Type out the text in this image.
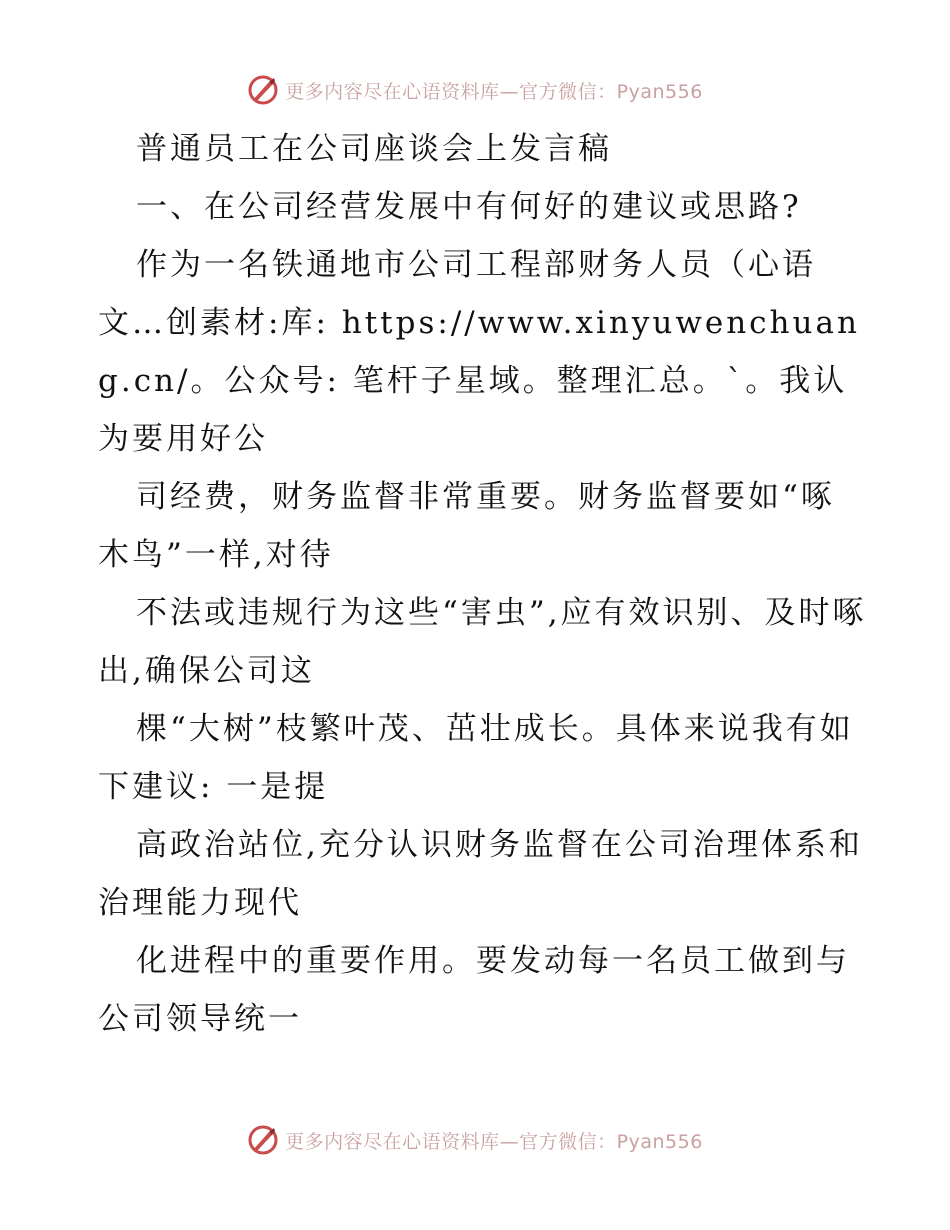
更多内容尽在心语资料库—官方微信：Pyan556

普通员工在公司座谈会上发言稿

一、在公司经营发展中有何好的建议或思路?

作为一名铁通地市公司工程部财务人员（心语文…创素材:库: https://www.xinyuwenchuang.cn/。公众号: 笔杆子星域。整理汇总。`。我认为要用好公

司经费，财务监督非常重要。财务监督要如“啄木鸟”一样,对待

不法或违规行为这些“害虫”,应有效识别、及时啄出,确保公司这

棵“大树”枝繁叶茂、茁壮成长。具体来说我有如下建议: 一是提

高政治站位,充分认识财务监督在公司治理体系和治理能力现代

化进程中的重要作用。要发动每一名员工做到与公司领导统一

更多内容尽在心语资料库—官方微信：Pyan556
